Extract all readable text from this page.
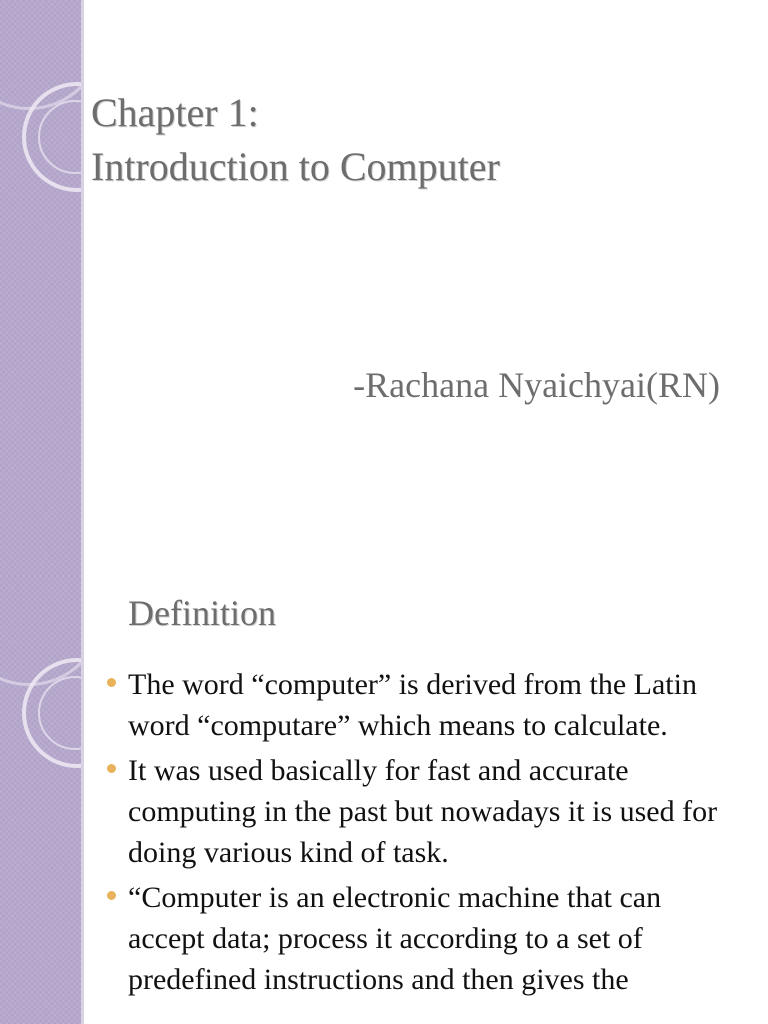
Chapter 1:
Introduction to Computer

-Rachana Nyaichyai(RN)

Definition
The word “computer” is derived from the Latin word “computare” which means to calculate.
It was used basically for fast and accurate computing in the past but nowadays it is used for doing various kind of task.
“Computer is an electronic machine that can accept data; process it according to a set of predefined instructions and then gives the
